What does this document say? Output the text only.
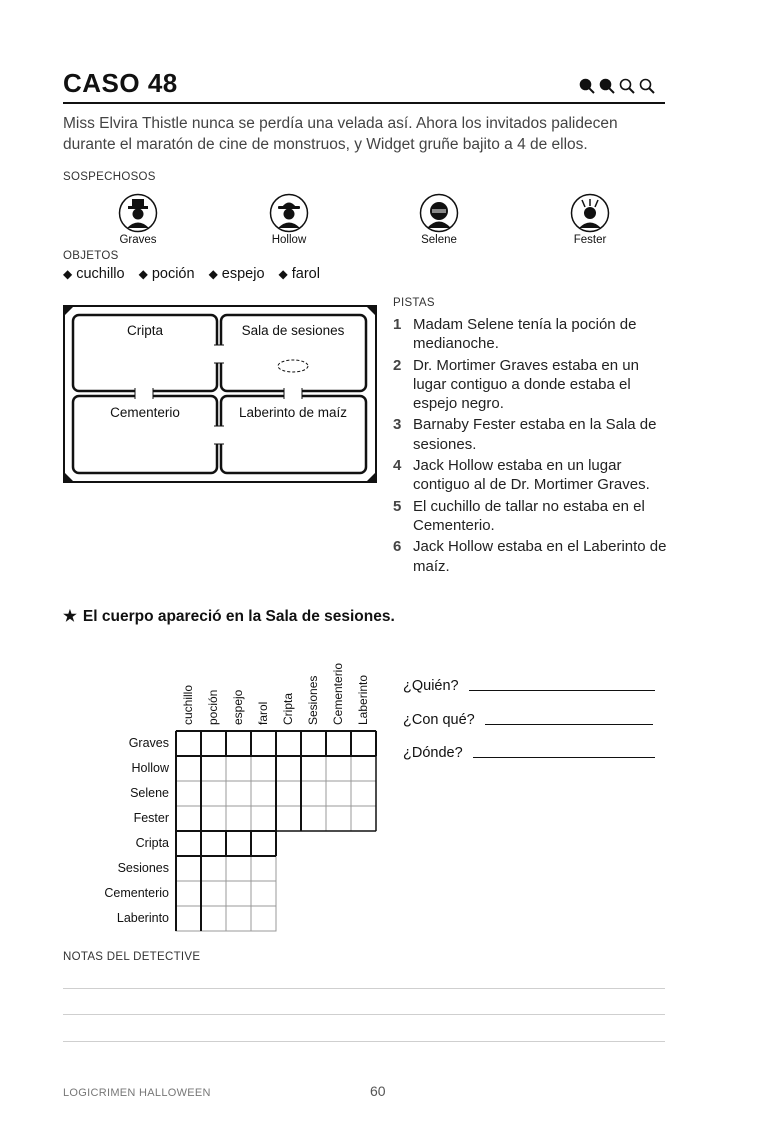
CASO 48

Miss Elvira Thistle nunca se perdía una velada así. Ahora los invitados palidecen durante el maratón de cine de monstruos, y Widget gruñe bajito a 4 de ellos.

SOSPECHOSOS
Graves	Hollow	Selene	Fester
OBJETOS
◆ cuchillo ◆ poción ◆ espejo ◆ farol
Cripta	Sala de sesiones
Cementerio	Laberinto de maíz
PISTAS
1 Madam Selene tenía la poción de medianoche.
2 Dr. Mortimer Graves estaba en un lugar contiguo a donde estaba el espejo negro.
3 Barnaby Fester estaba en la Sala de sesiones.
4 Jack Hollow estaba en un lugar contiguo al de Dr. Mortimer Graves.
5 El cuchillo de tallar no estaba en el Cementerio.
6 Jack Hollow estaba en el Laberinto de maíz.
★ El cuerpo apareció en la Sala de sesiones.
cuchillo poción espejo farol Cripta Sesiones Cementerio Laberinto
Graves
Hollow
Selene
Fester
Cripta
Sesiones
Cementerio
Laberinto
¿Quién?
¿Con qué?
¿Dónde?
NOTAS DEL DETECTIVE
LOGICRIMEN HALLOWEEN	60
